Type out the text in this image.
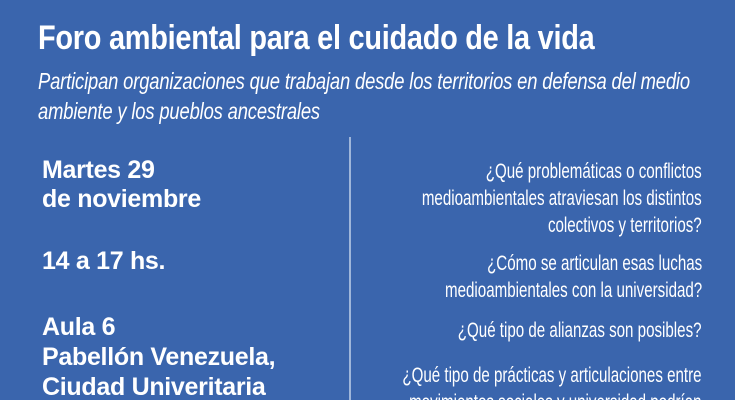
Foro ambiental para el cuidado de la vida

Participan organizaciones que trabajan desde los territorios en defensa del medio
ambiente y los pueblos ancestrales

Martes 29
de noviembre
14 a 17 hs.
Aula 6
Pabellón Venezuela,
Ciudad Univeritaria

¿Qué problemáticas o conflictos
medioambientales atraviesan los distintos
colectivos y territorios?

¿Cómo se articulan esas luchas
medioambientales con la universidad?

¿Qué tipo de alianzas son posibles?

¿Qué tipo de prácticas y articulaciones entre
movimientos sociales y universidad podrían
